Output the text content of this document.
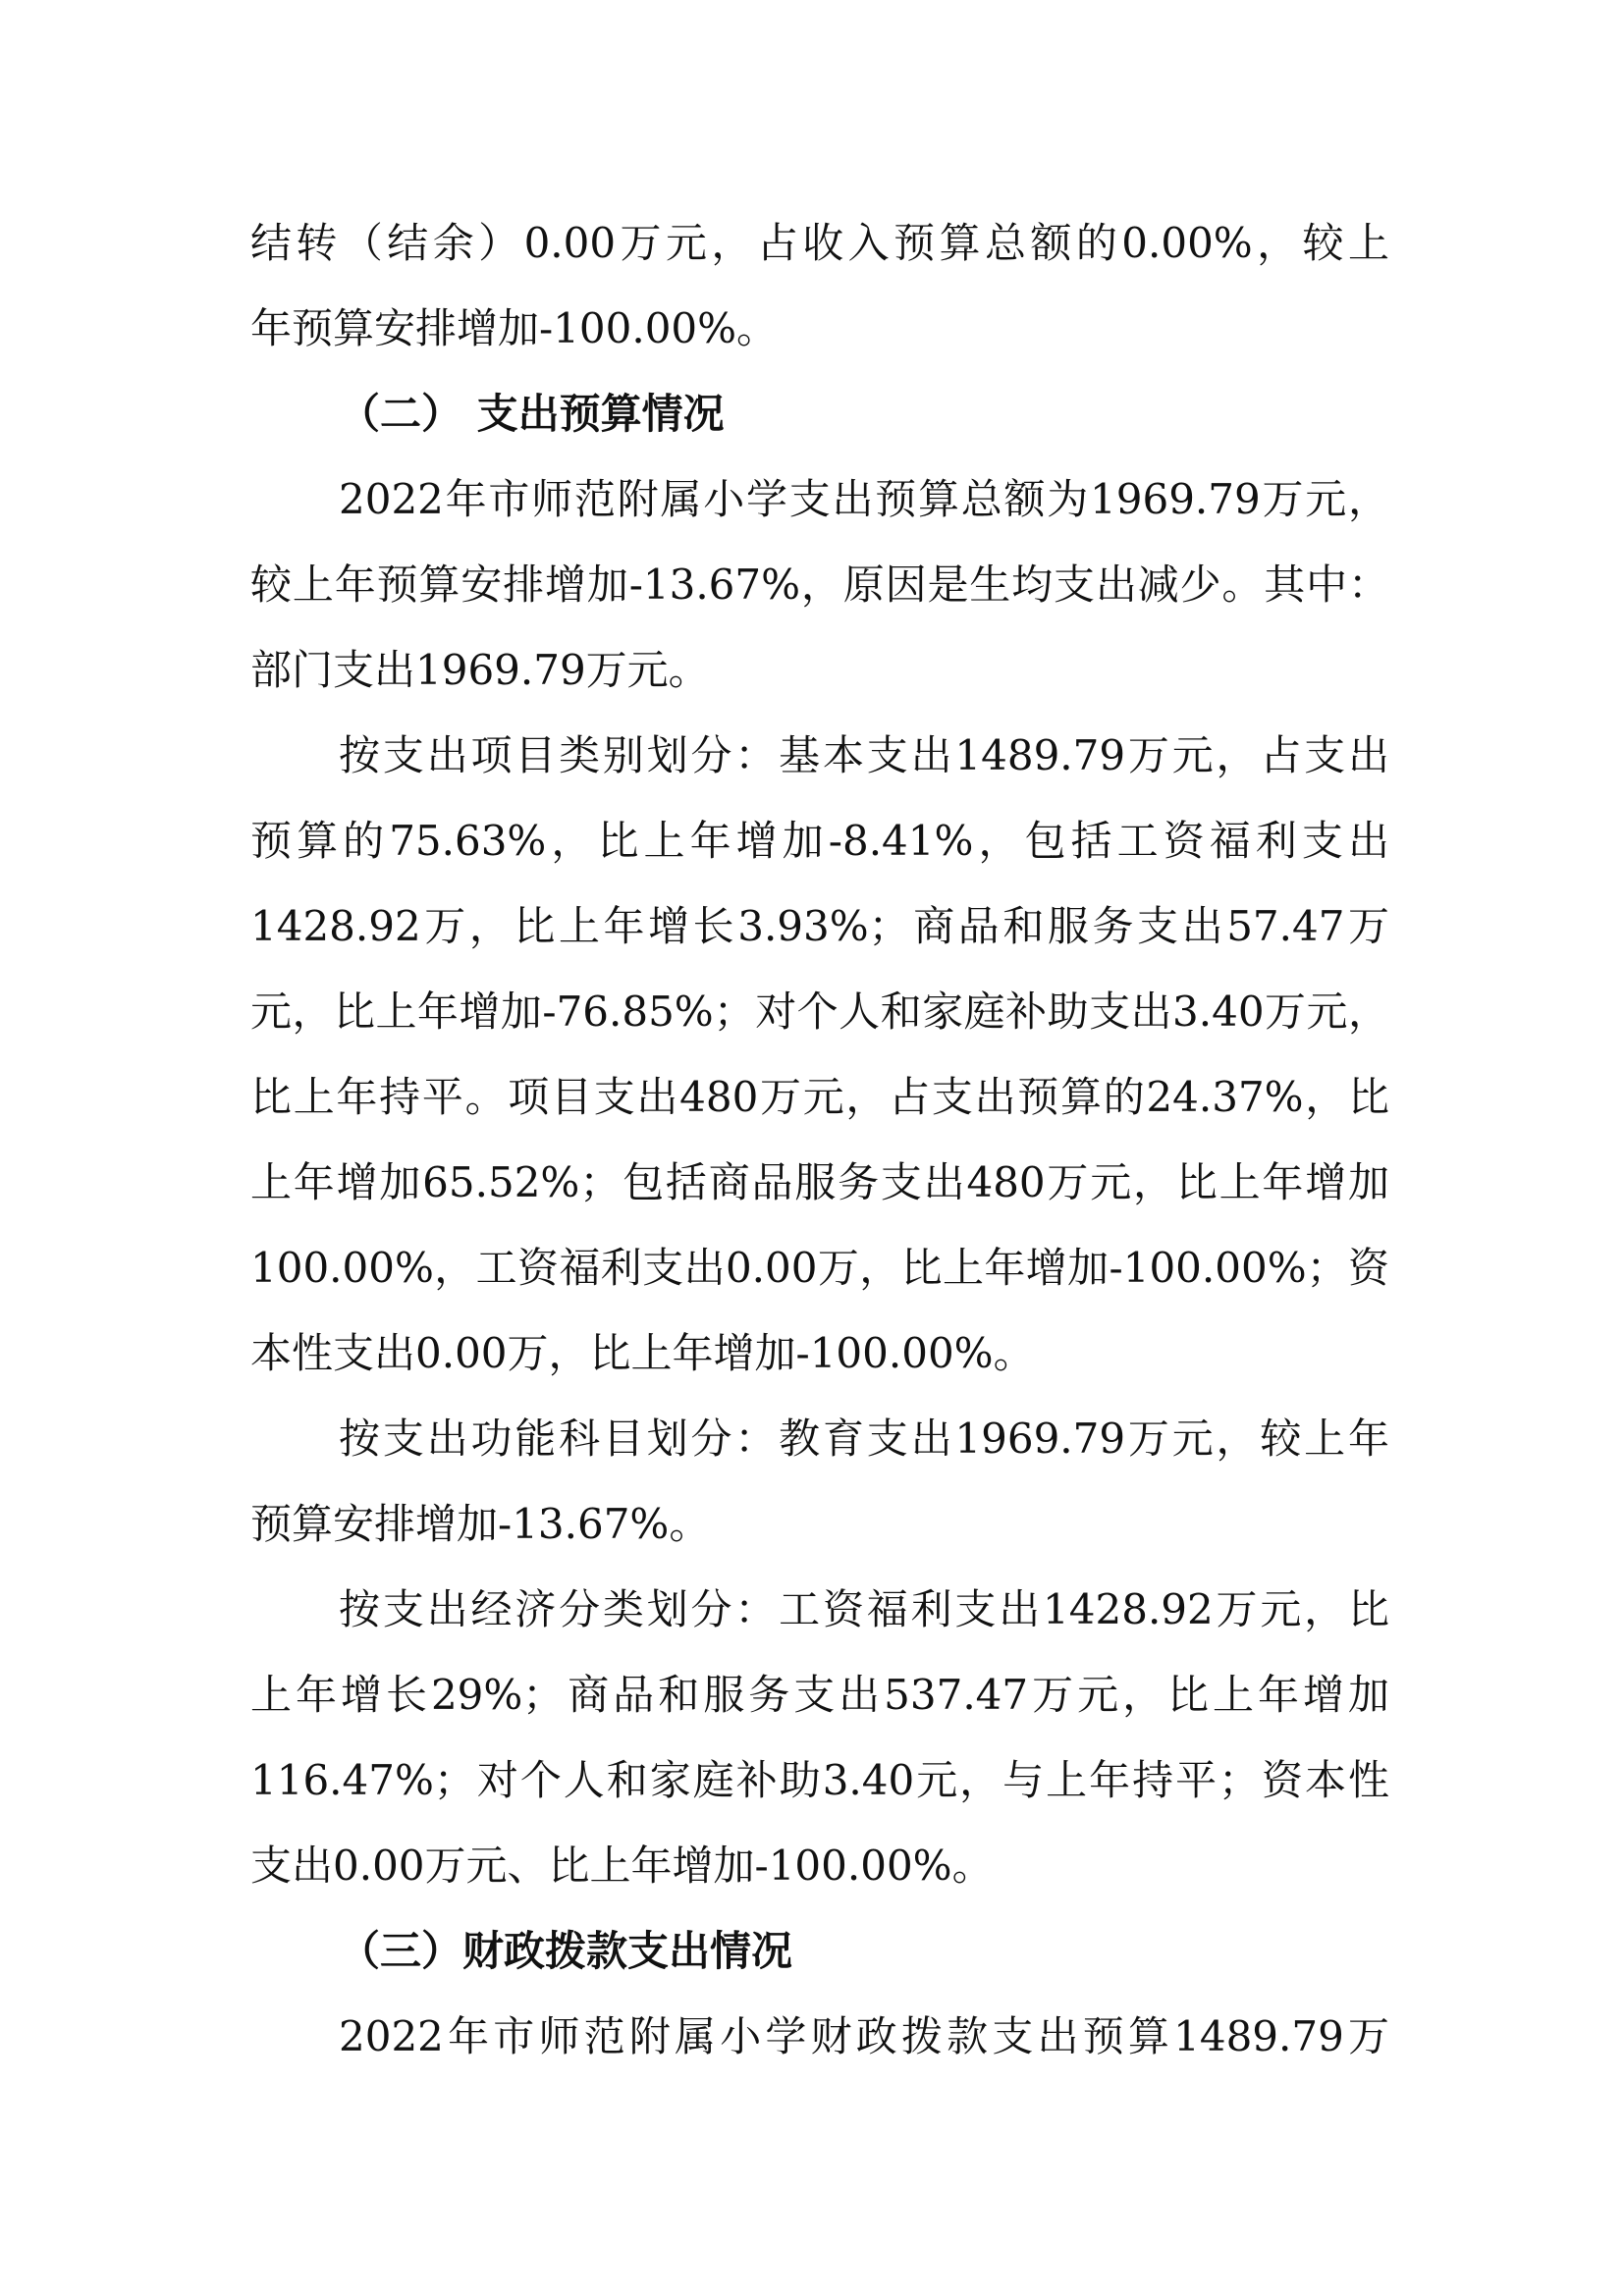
结转（结余）0.00万元，占收入预算总额的0.00%，较上
年预算安排增加-100.00%。
（二） 支出预算情况
2022年市师范附属小学支出预算总额为1969.79万元，
较上年预算安排增加-13.67%，原因是生均支出减少。其中：
部门支出1969.79万元。
按支出项目类别划分：基本支出1489.79万元，占支出
预算的75.63%，比上年增加-8.41%，包括工资福利支出
1428.92万，比上年增长3.93%；商品和服务支出57.47万
元，比上年增加-76.85%；对个人和家庭补助支出3.40万元，
比上年持平。项目支出480万元，占支出预算的24.37%，比
上年增加65.52%；包括商品服务支出480万元，比上年增加
100.00%，工资福利支出0.00万，比上年增加-100.00%；资
本性支出0.00万，比上年增加-100.00%。
按支出功能科目划分：教育支出1969.79万元，较上年
预算安排增加-13.67%。
按支出经济分类划分：工资福利支出1428.92万元，比
上年增长29%；商品和服务支出537.47万元，比上年增加
116.47%；对个人和家庭补助3.40元，与上年持平；资本性
支出0.00万元、比上年增加-100.00%。
（三）财政拨款支出情况
2022年市师范附属小学财政拨款支出预算1489.79万
